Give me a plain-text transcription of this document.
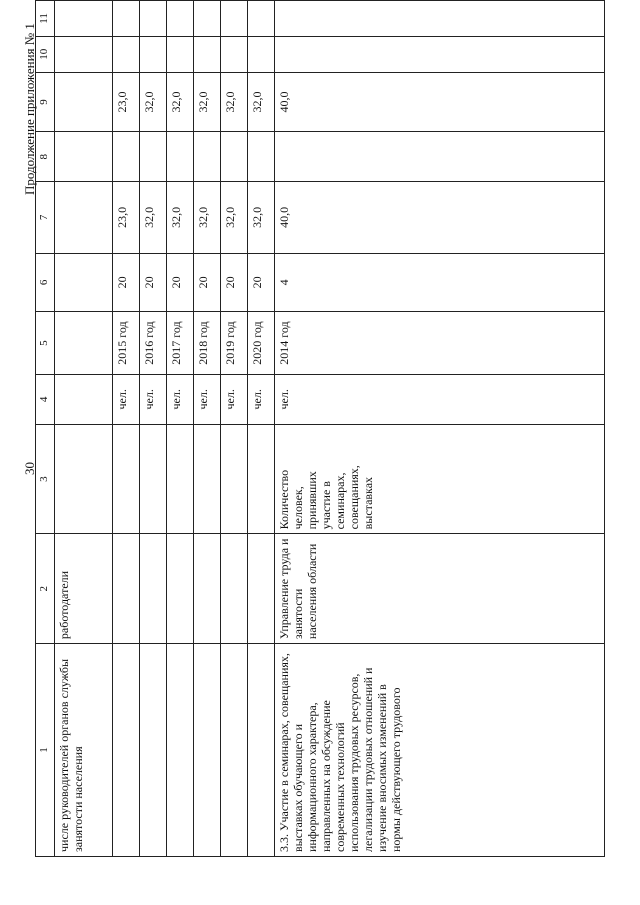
30
Продолжение приложения № 1
1	2	3	4	5	6	7	8	9	10	11
числе руководителей органов службы занятости населения	работодатели									
			чел.	2015 год	20	23,0		23,0		
			чел.	2016 год	20	32,0		32,0		
			чел.	2017 год	20	32,0		32,0		
			чел.	2018 год	20	32,0		32,0		
			чел.	2019 год	20	32,0		32,0		
			чел.	2020 год	20	32,0		32,0		
3.3. Участие в семинарах, совещаниях, выставках обучающего и информационного характера, направленных на обсуждение современных технологий использования трудовых ресурсов, легализации трудовых отношений и изучение вносимых изменений в нормы действующего трудового	Управление труда и занятости населения области	Количество человек, принявших участие в семинарах, совещаниях, выставках	чел.	2014 год	4	40,0		40,0		
